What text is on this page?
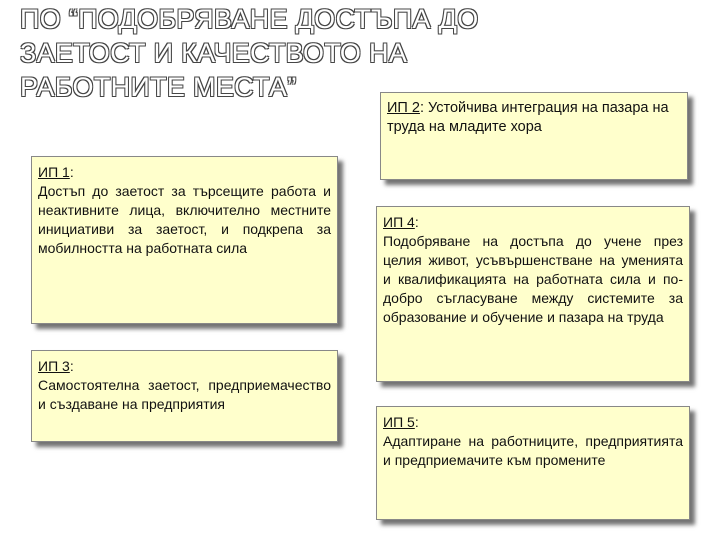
ПО “ПОДОБРЯВАНЕ ДОСТЪПА ДО
ЗАЕТОСТ И КАЧЕСТВОТО НА
РАБОТНИТЕ МЕСТА”
ИП 2: Устойчива интеграция на пазара на труда на младите хора
ИП 1:
Достъп до заетост за търсещите работа и неактивните лица, включително местните инициативи за заетост, и подкрепа за мобилността на работната сила
ИП 4:
Подобряване на достъпа до учене през целия живот, усъвършенстване на уменията и квалификацията на работната сила и по-добро съгласуване между системите за образование и обучение и пазара на труда
ИП 3:
Самостоятелна заетост, предприемачество и създаване на предприятия
ИП 5:
Адаптиране на работниците, предприятията и предприемачите към промените
